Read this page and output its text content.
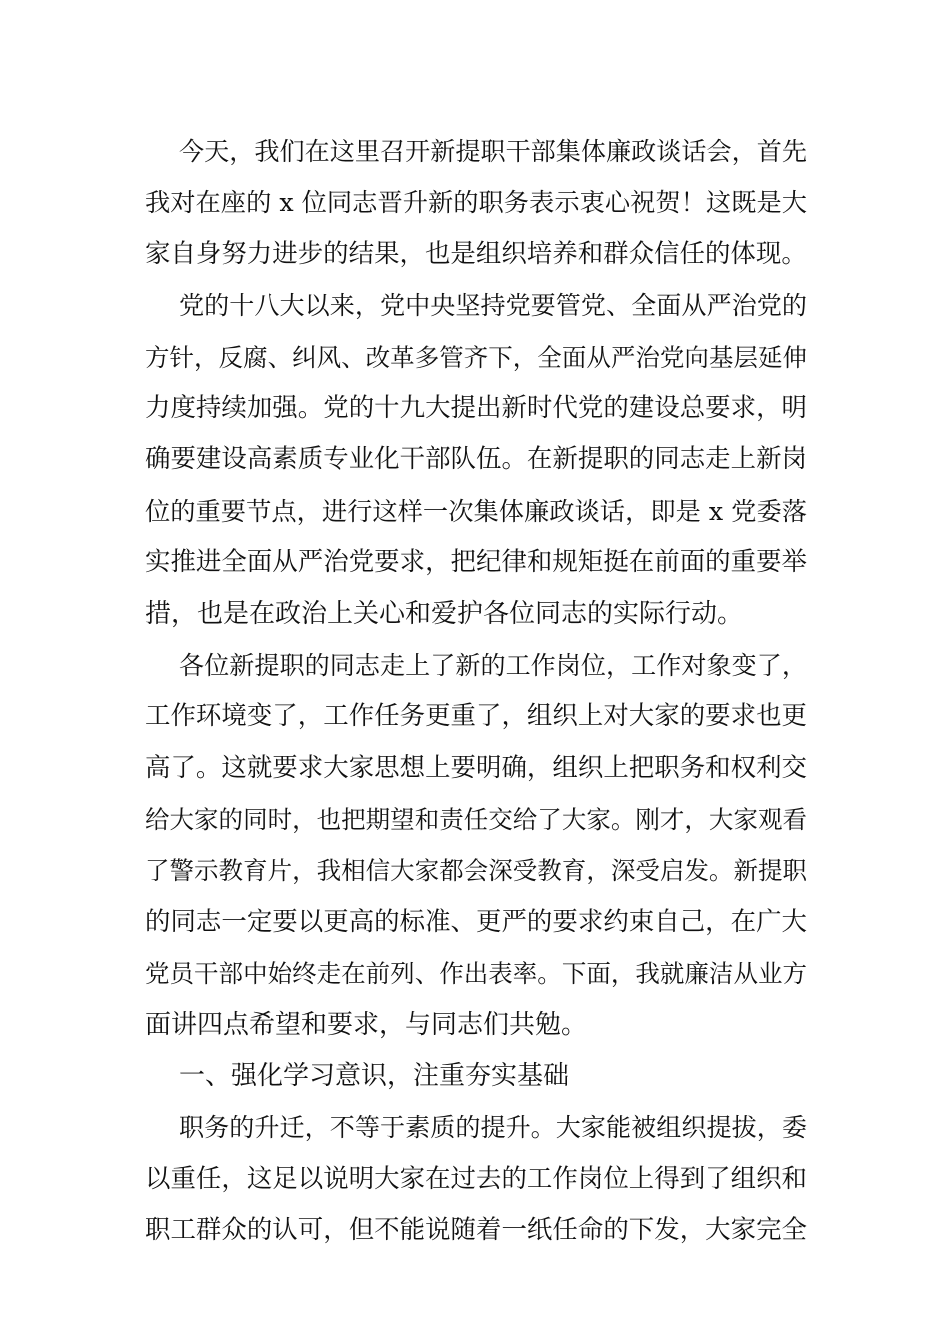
今天，我们在这里召开新提职干部集体廉政谈话会，首先
我对在座的 x 位同志晋升新的职务表示衷心祝贺！这既是大
家自身努力进步的结果，也是组织培养和群众信任的体现。
党的十八大以来，党中央坚持党要管党、全面从严治党的
方针，反腐、纠风、改革多管齐下，全面从严治党向基层延伸
力度持续加强。党的十九大提出新时代党的建设总要求，明
确要建设高素质专业化干部队伍。在新提职的同志走上新岗
位的重要节点，进行这样一次集体廉政谈话，即是 x 党委落
实推进全面从严治党要求，把纪律和规矩挺在前面的重要举
措，也是在政治上关心和爱护各位同志的实际行动。
各位新提职的同志走上了新的工作岗位，工作对象变了，
工作环境变了，工作任务更重了，组织上对大家的要求也更
高了。这就要求大家思想上要明确，组织上把职务和权利交
给大家的同时，也把期望和责任交给了大家。刚才，大家观看
了警示教育片，我相信大家都会深受教育，深受启发。新提职
的同志一定要以更高的标准、更严的要求约束自己，在广大
党员干部中始终走在前列、作出表率。下面，我就廉洁从业方
面讲四点希望和要求，与同志们共勉。
一、强化学习意识，注重夯实基础
职务的升迁，不等于素质的提升。大家能被组织提拔，委
以重任，这足以说明大家在过去的工作岗位上得到了组织和
职工群众的认可，但不能说随着一纸任命的下发，大家完全
